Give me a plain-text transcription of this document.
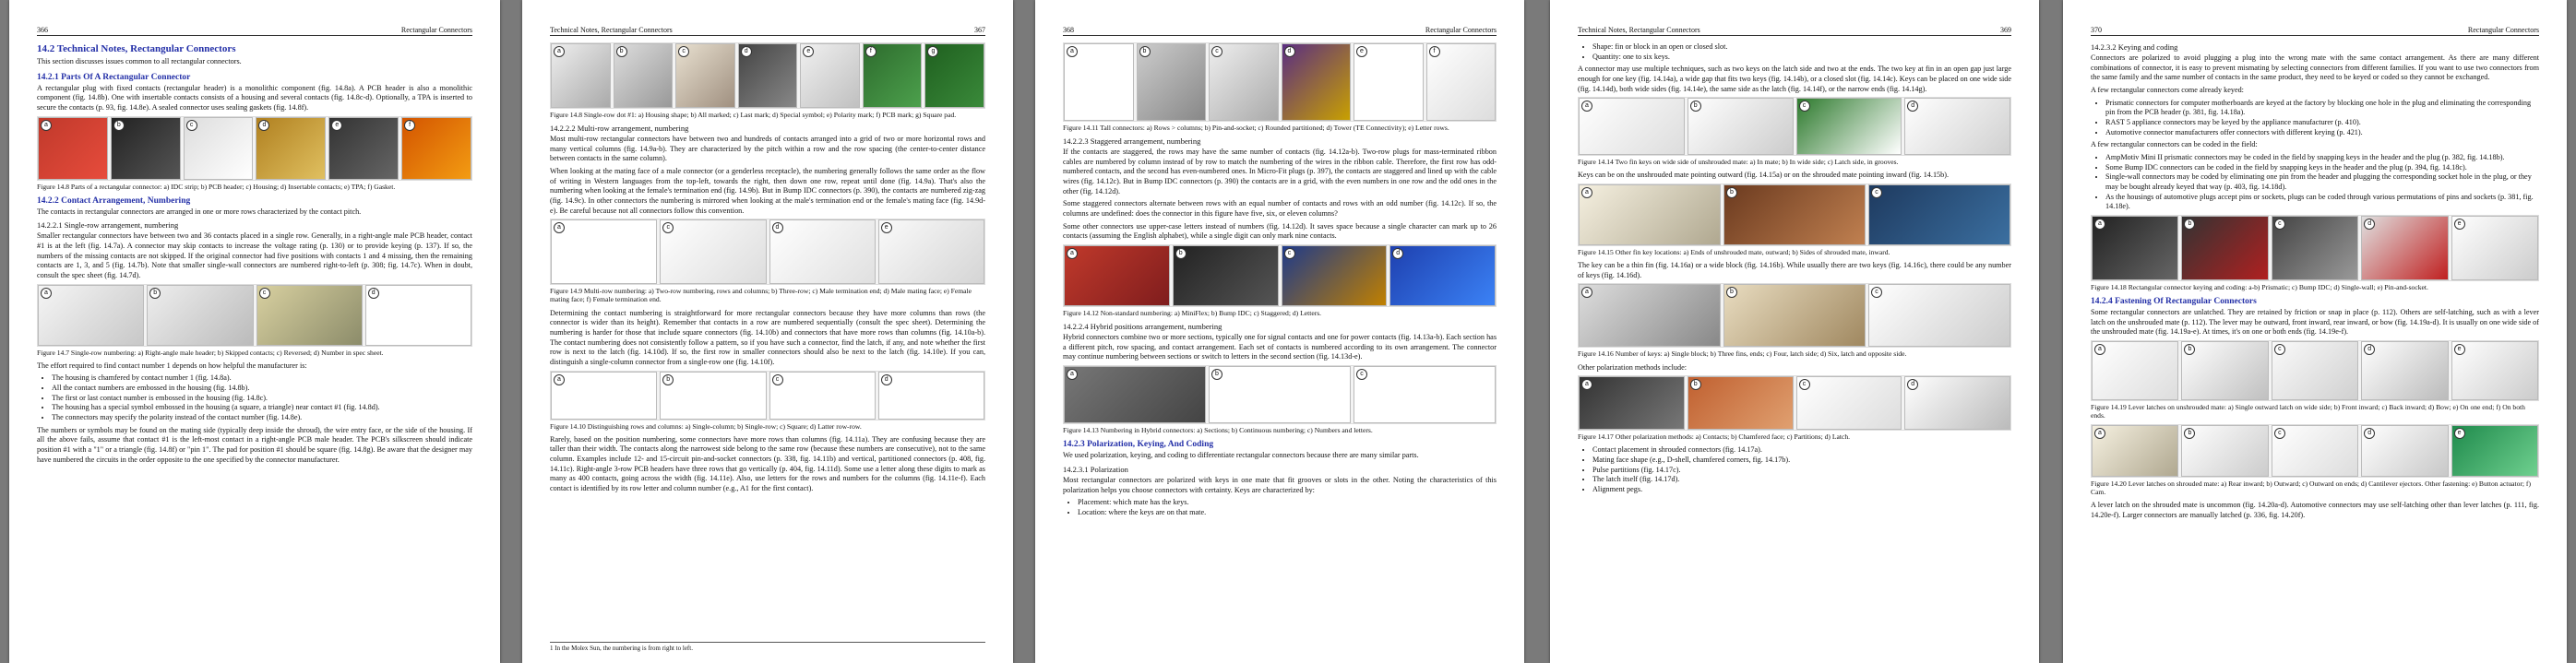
366	Rectangular Connectors
14.2 Technical Notes, Rectangular Connectors

This section discusses issues common to all rectangular connectors.

14.2.1 Parts Of A Rectangular Connector

A rectangular plug with fixed contacts (rectangular header) is a monolithic component (fig. 14.8a). A PCB header is also a monolithic component (fig. 14.8b). One with insertable contacts consists of a housing and several contacts (fig. 14.8c-d). Optionally, a TPA is inserted to secure the contacts (p. 93, fig. 14.8e). A sealed connector uses sealing gaskets (fig. 14.8f).

a	b	c	d	e	f
Figure 14.8 Parts of a rectangular connector: a) IDC strip; b) PCB header; c) Housing; d) Insertable contacts; e) TPA; f) Gasket.
14.2.2 Contact Arrangement, Numbering

The contacts in rectangular connectors are arranged in one or more rows characterized by the contact pitch.

14.2.2.1 Single-row arrangement, numbering

Smaller rectangular connectors have between two and 36 contacts placed in a single row. Generally, in a right-angle male PCB header, contact #1 is at the left (fig. 14.7a). A connector may skip contacts to increase the voltage rating (p. 130) or to provide keying (p. 137). If so, the numbers of the missing contacts are not skipped. If the original connector had five positions with contacts 1 and 4 missing, then the remaining contacts are 1, 3, and 5 (fig. 14.7b). Note that smaller single-wall connectors are numbered right-to-left (p. 308; fig. 14.7c). When in doubt, consult the spec sheet (fig. 14.7d).

a	b	c	d
Figure 14.7 Single-row numbering: a) Right-angle male header; b) Skipped contacts; c) Reversed; d) Number in spec sheet.

The effort required to find contact number 1 depends on how helpful the manufacturer is:

• The housing is chamfered by contact number 1 (fig. 14.8a).
• All the contact numbers are embossed in the housing (fig. 14.8b).
• The first or last contact number is embossed in the housing (fig. 14.8c).
• The housing has a special symbol embossed in the housing (a square, a triangle) near contact #1 (fig. 14.8d).
• The connectors may specify the polarity instead of the contact number (fig. 14.8e).

The numbers or symbols may be found on the mating side (typically deep inside the shroud), the wire entry face, or the side of the housing. If all the above fails, assume that contact #1 is the left-most contact in a right-angle PCB male header. The PCB's silkscreen should indicate position #1 with a "1" or a triangle (fig. 14.8f) or "pin 1". The pad for position #1 should be square (fig. 14.8g). Be aware that the designer may have numbered the circuits in the order opposite to the one specified by the connector manufacturer.

Technical Notes, Rectangular Connectors	367
a	b	c	d	e	f	g
Figure 14.8 Single-row dot #1: a) Housing shape; b) All marked; c) Last mark; d) Special symbol; e) Polarity mark; f) PCB mark; g) Square pad.
14.2.2.2 Multi-row arrangement, numbering

Most multi-row rectangular connectors have between two and hundreds of contacts arranged into a grid of two or more horizontal rows and many vertical columns (fig. 14.9a-b). They are characterized by the pitch within a row and the row spacing (the center-to-center distance between contacts in the same column).

When looking at the mating face of a male connector (or a genderless receptacle), the numbering generally follows the same order as the flow of writing in Western languages from the top-left, towards the right, then down one row, repeat until done (fig. 14.9a). That's also the numbering when looking at the female's termination end (fig. 14.9b). But in Bump IDC connectors (p. 390), the contacts are numbered zig-zag (fig. 14.9c). In other connectors the numbering is mirrored when looking at the male's termination end or the female's mating face (fig. 14.9d-e). Be careful because not all connectors follow this convention.

a	c	d	e
Figure 14.9 Multi-row numbering: a) Two-row numbering, rows and columns; b) Three-row; c) Male termination end; d) Male mating face; e) Female mating face; f) Female termination end.

Determining the contact numbering is straightforward for more rectangular connectors because they have more columns than rows (the connector is wider than its height). Remember that contacts in a row are numbered sequentially (consult the spec sheet). Determining the numbering is harder for those that include square connectors (fig. 14.10b) and connectors that have more rows than columns (fig. 14.10a-b). The contact numbering does not consistently follow a pattern, so if you have such a connector, find the latch, if any, and note whether the first row is next to the latch (fig. 14.10d). If so, the first row in smaller connectors should also be next to the latch (fig. 14.10e). If you can, distinguish a single-column connector from a single-row one (fig. 14.10f).

a	b	c	d
Figure 14.10 Distinguishing rows and columns: a) Single-column; b) Single-row; c) Square; d) Latter row-row.

Rarely, based on the position numbering, some connectors have more rows than columns (fig. 14.11a). They are confusing because they are taller than their width. The contacts along the narrowest side belong to the same row (because these numbers are consecutive), not to the same column. Examples include 12- and 15-circuit pin-and-socket connectors (p. 338, fig. 14.11b) and vertical, partitioned connectors (p. 408, fig. 14.11c). Right-angle 3-row PCB headers have three rows that go vertically (p. 404, fig. 14.11d). Some use a letter along these digits to mark as many as 400 contacts, going across the width (fig. 14.11e). Also, use letters for the rows and numbers for the columns (fig. 14.11e-f). Each contact is identified by its row letter and column number (e.g., A1 for the first contact).

1 In the Molex Sun, the numbering is from right to left.
368	Rectangular Connectors
a	b	c	d	e	f
Figure 14.11 Tall connectors: a) Rows > columns; b) Pin-and-socket; c) Rounded partitioned; d) Tower (TE Connectivity); e) Letter rows.
14.2.2.3 Staggered arrangement, numbering

If the contacts are staggered, the rows may have the same number of contacts (fig. 14.12a-b). Two-row plugs for mass-terminated ribbon cables are numbered by column instead of by row to match the numbering of the wires in the ribbon cable. Therefore, the first row has odd-numbered contacts, and the second has even-numbered ones. In Micro-Fit plugs (p. 397), the contacts are staggered and lined up with the cable wires (fig. 14.12c). But in Bump IDC connectors (p. 390) the contacts are in a grid, with the even numbers in one row and the odd ones in the other (fig. 14.12d).

Some staggered connectors alternate between rows with an equal number of contacts and rows with an odd number (fig. 14.12c). If so, the columns are undefined: does the connector in this figure have five, six, or eleven columns?

Some other connectors use upper-case letters instead of numbers (fig. 14.12d). It saves space because a single character can mark up to 26 contacts (assuming the English alphabet), while a single digit can only mark nine contacts.

a	b	c	d
Figure 14.12 Non-standard numbering: a) MiniFlex; b) Bump IDC; c) Staggered; d) Letters.
14.2.2.4 Hybrid positions arrangement, numbering

Hybrid connectors combine two or more sections, typically one for signal contacts and one for power contacts (fig. 14.13a-b). Each section has a different pitch, row spacing, and contact arrangement. Each set of contacts is numbered according to its own arrangement. The connector may continue numbering between sections or switch to letters in the second section (fig. 14.13d-e).

a	b	c
Figure 14.13 Numbering in Hybrid connectors: a) Sections; b) Continuous numbering; c) Numbers and letters.
14.2.3 Polarization, Keying, And Coding

We used polarization, keying, and coding to differentiate rectangular connectors because there are many similar parts.

14.2.3.1 Polarization

Most rectangular connectors are polarized with keys in one mate that fit grooves or slots in the other. Noting the characteristics of this polarization helps you choose connectors with certainty. Keys are characterized by:

• Placement: which mate has the keys.
• Location: where the keys are on that mate.
Technical Notes, Rectangular Connectors	369
• Shape: fin or block in an open or closed slot.
• Quantity: one to six keys.

A connector may use multiple techniques, such as two keys on the latch side and two at the ends. The two key at fin in an open gap just large enough for one key (fig. 14.14a), a wide gap that fits two keys (fig. 14.14b), or a closed slot (fig. 14.14c). Keys can be placed on one wide side (fig. 14.14d), both wide sides (fig. 14.14e), the same side as the latch (fig. 14.14f), or the narrow ends (fig. 14.14g).

a	b	c	d
Figure 14.14 Two fin keys on wide side of unshrouded mate: a) In mate; b) In wide side; c) Latch side, in grooves.

Keys can be on the unshrouded mate pointing outward (fig. 14.15a) or on the shrouded mate pointing inward (fig. 14.15b).

a	b	c
Figure 14.15 Other fin key locations: a) Ends of unshrouded mate, outward; b) Sides of shrouded mate, inward.

The key can be a thin fin (fig. 14.16a) or a wide block (fig. 14.16b). While usually there are two keys (fig. 14.16c), there could be any number of keys (fig. 14.16d).

a	b	c
Figure 14.16 Number of keys: a) Single block; b) Three fins, ends; c) Four, latch side; d) Six, latch and opposite side.

Other polarization methods include:

a	b	c	d
Figure 14.17 Other polarization methods: a) Contacts; b) Chamfered face; c) Partitions; d) Latch.
• Contact placement in shrouded connectors (fig. 14.17a).
• Mating face shape (e.g., D-shell, chamfered corners, fig. 14.17b).
• Pulse partitions (fig. 14.17c).
• The latch itself (fig. 14.17d).
• Alignment pegs.
370	Rectangular Connectors
14.2.3.2 Keying and coding

Connectors are polarized to avoid plugging a plug into the wrong mate with the same contact arrangement. As there are many different combinations of connector, it is easy to prevent mismating by selecting connectors from different families. If you want to use two connectors from the same family and the same number of contacts in the same product, they need to be keyed or coded so they cannot be exchanged.

A few rectangular connectors come already keyed:

• Prismatic connectors for computer motherboards are keyed at the factory by blocking one hole in the plug and eliminating the corresponding pin from the PCB header (p. 381, fig. 14.18a).
• RAST 5 appliance connectors may be keyed by the appliance manufacturer (p. 410).
• Automotive connector manufacturers offer connectors with different keying (p. 421).

A few rectangular connectors can be coded in the field:

• AmpMotiv Mini II prismatic connectors may be coded in the field by snapping keys in the header and the plug (p. 382, fig. 14.18b).
• Some Bump IDC connectors can be coded in the field by snapping keys in the header and the plug (p. 394, fig. 14.18c).
• Single-wall connectors may be coded by eliminating one pin from the header and plugging the corresponding socket hole in the plug, or they may be bought already keyed that way (p. 403, fig. 14.18d).
• As the housings of automotive plugs accept pins or sockets, plugs can be coded through various permutations of pins and sockets (p. 381, fig. 14.18e).
a	b	c	d	e
Figure 14.18 Rectangular connector keying and coding: a-b) Prismatic; c) Bump IDC; d) Single-wall; e) Pin-and-socket.
14.2.4 Fastening Of Rectangular Connectors

Some rectangular connectors are unlatched. They are retained by friction or snap in place (p. 112). Others are self-latching, such as with a lever latch on the unshrouded mate (p. 112). The lever may be outward, front inward, rear inward, or bow (fig. 14.19a-d). It is usually on one wide side of the unshrouded mate (fig. 14.19a-e). At times, it's on one or both ends (fig. 14.19e-f).

a	b	c	d	e
Figure 14.19 Lever latches on unshrouded mate: a) Single outward latch on wide side; b) Front inward; c) Back inward; d) Bow; e) On one end; f) On both ends.
a	b	c	d	e
Figure 14.20 Lever latches on shrouded mate: a) Rear inward; b) Outward; c) Outward on ends; d) Cantilever ejectors. Other fastening: e) Button actuator; f) Cam.

A lever latch on the shrouded mate is uncommon (fig. 14.20a-d). Automotive connectors may use self-latching other than lever latches (p. 111, fig. 14.20e-f). Larger connectors are manually latched (p. 336, fig. 14.20f).
